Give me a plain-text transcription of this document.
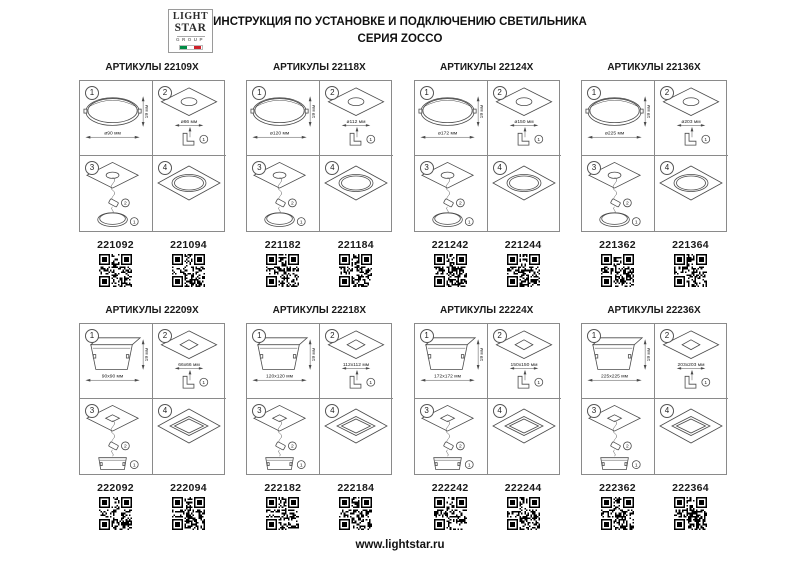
LIGHT
STAR
GROUP
ИНСТРУКЦИЯ ПО УСТАНОВКЕ И ПОДКЛЮЧЕНИЮ СВЕТИЛЬНИКА
СЕРИЯ ZOCCO
АРТИКУЛЫ 22109X
1
ø90 мм
19 мм
2
ø66 мм
1
3
2
1
4
221092	221094
АРТИКУЛЫ 22118X
1
ø120 мм
19 мм
2
ø112 мм
1
3
2
1
4
221182	221184
АРТИКУЛЫ 22124X
1
ø172 мм
19 мм
2
ø150 мм
1
3
2
1
4
221242	221244
АРТИКУЛЫ 22136X
1
ø225 мм
19 мм
2
ø203 мм
1
3
2
1
4
221362	221364
АРТИКУЛЫ 22209X
1
90x90 мм
19 мм
2
66x66 мм
1
3
2
1
4
222092	222094
АРТИКУЛЫ 22218X
1
120x120 мм
19 мм
2
112x112 мм
1
3
2
1
4
222182	222184
АРТИКУЛЫ 22224X
1
172x172 мм
19 мм
2
150x150 мм
1
3
2
1
4
222242	222244
АРТИКУЛЫ 22236X
1
225x225 мм
19 мм
2
203x203 мм
1
3
2
1
4
222362	222364
www.lightstar.ru
